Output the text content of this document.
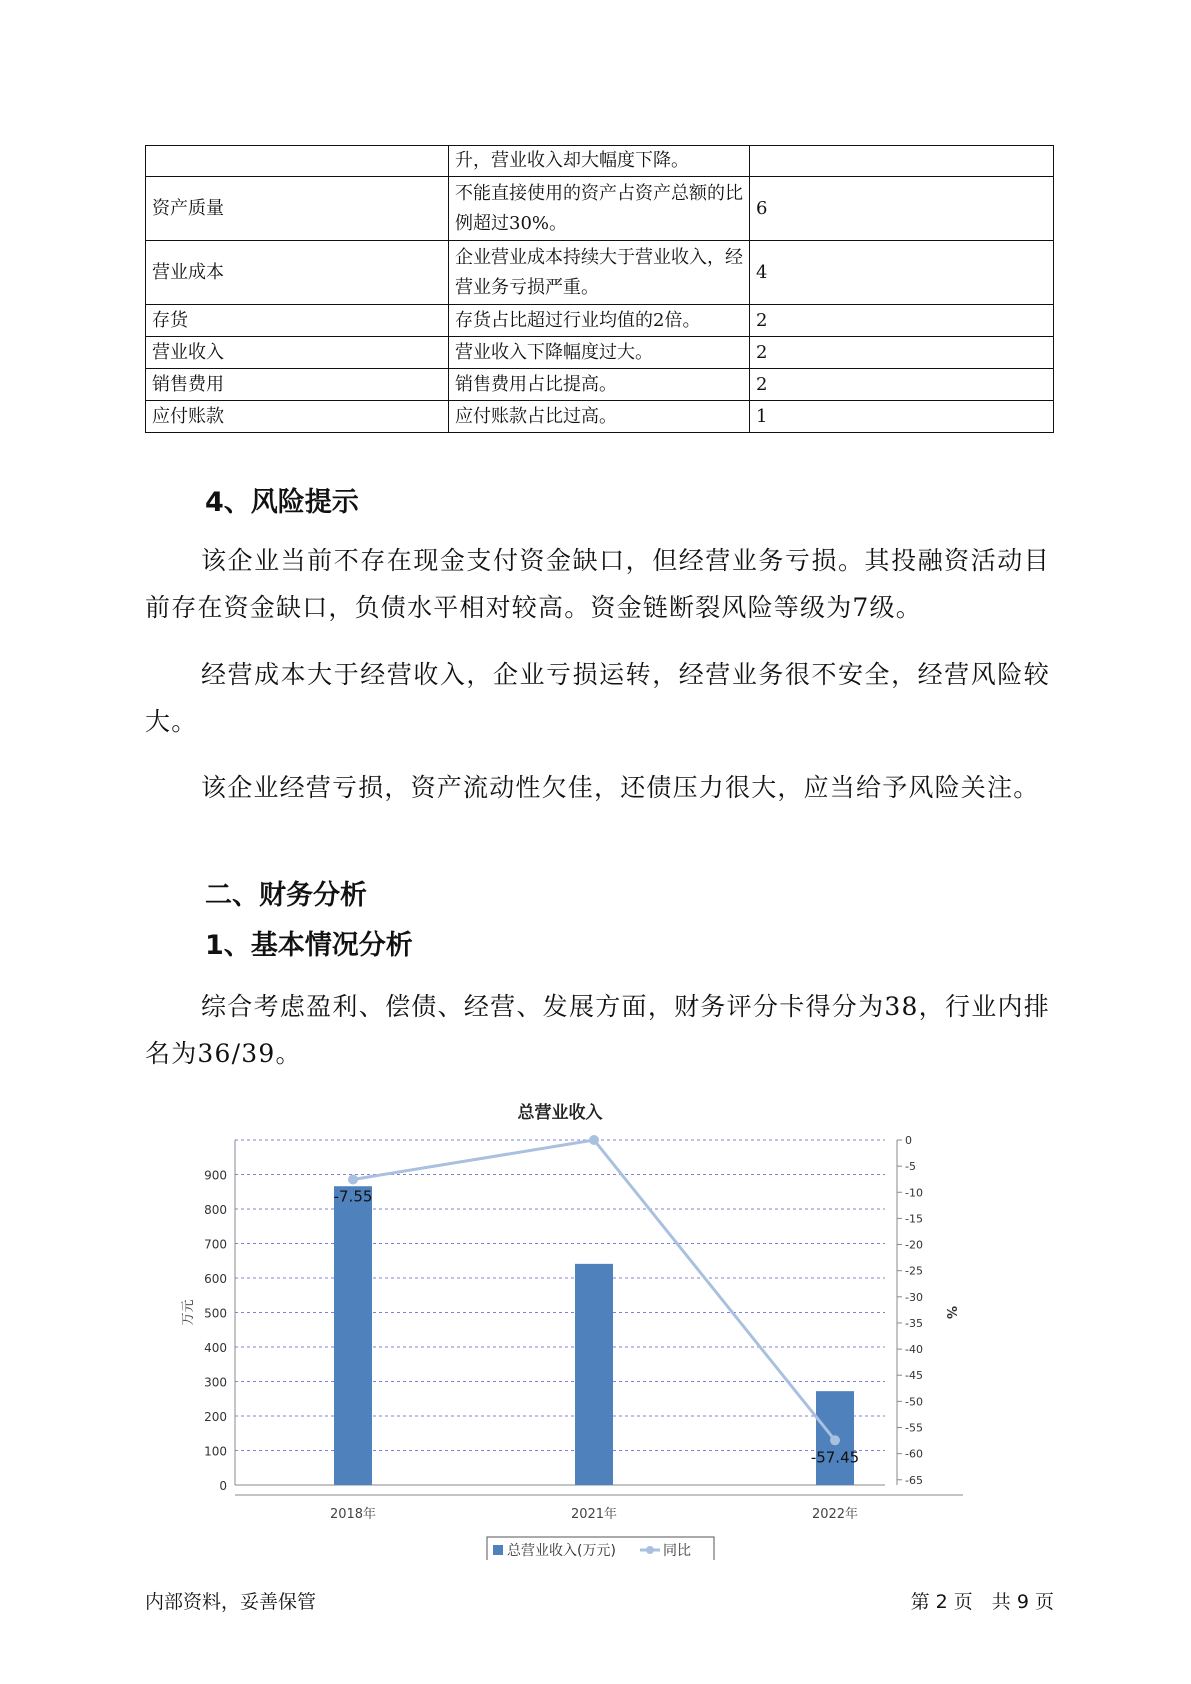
	升，营业收入却大幅度下降。	
资产质量	不能直接使用的资产占资产总额的比例超过30%。	6
营业成本	企业营业成本持续大于营业收入，经营业务亏损严重。	4
存货	存货占比超过行业均值的2倍。	2
营业收入	营业收入下降幅度过大。	2
销售费用	销售费用占比提高。	2
应付账款	应付账款占比过高。	1
4、风险提示
该企业当前不存在现金支付资金缺口，但经营业务亏损。其投融资活动目前存在资金缺口，负债水平相对较高。资金链断裂风险等级为7级。
经营成本大于经营收入，企业亏损运转，经营业务很不安全，经营风险较大。
该企业经营亏损，资产流动性欠佳，还债压力很大，应当给予风险关注。
二、财务分析
1、基本情况分析
综合考虑盈利、偿债、经营、发展方面，财务评分卡得分为38，行业内排名为36/39。
总营业收入
0
100
200
300
400
500
600
700
800
900
0
-5
-10
-15
-20
-25
-30
-35
-40
-45
-50
-55
-60
-65
万元	%
2018年	2021年	2022年
-7.55
-57.45
总营业收入(万元)	同比
内部资料，妥善保管	第 2 页　共 9 页
